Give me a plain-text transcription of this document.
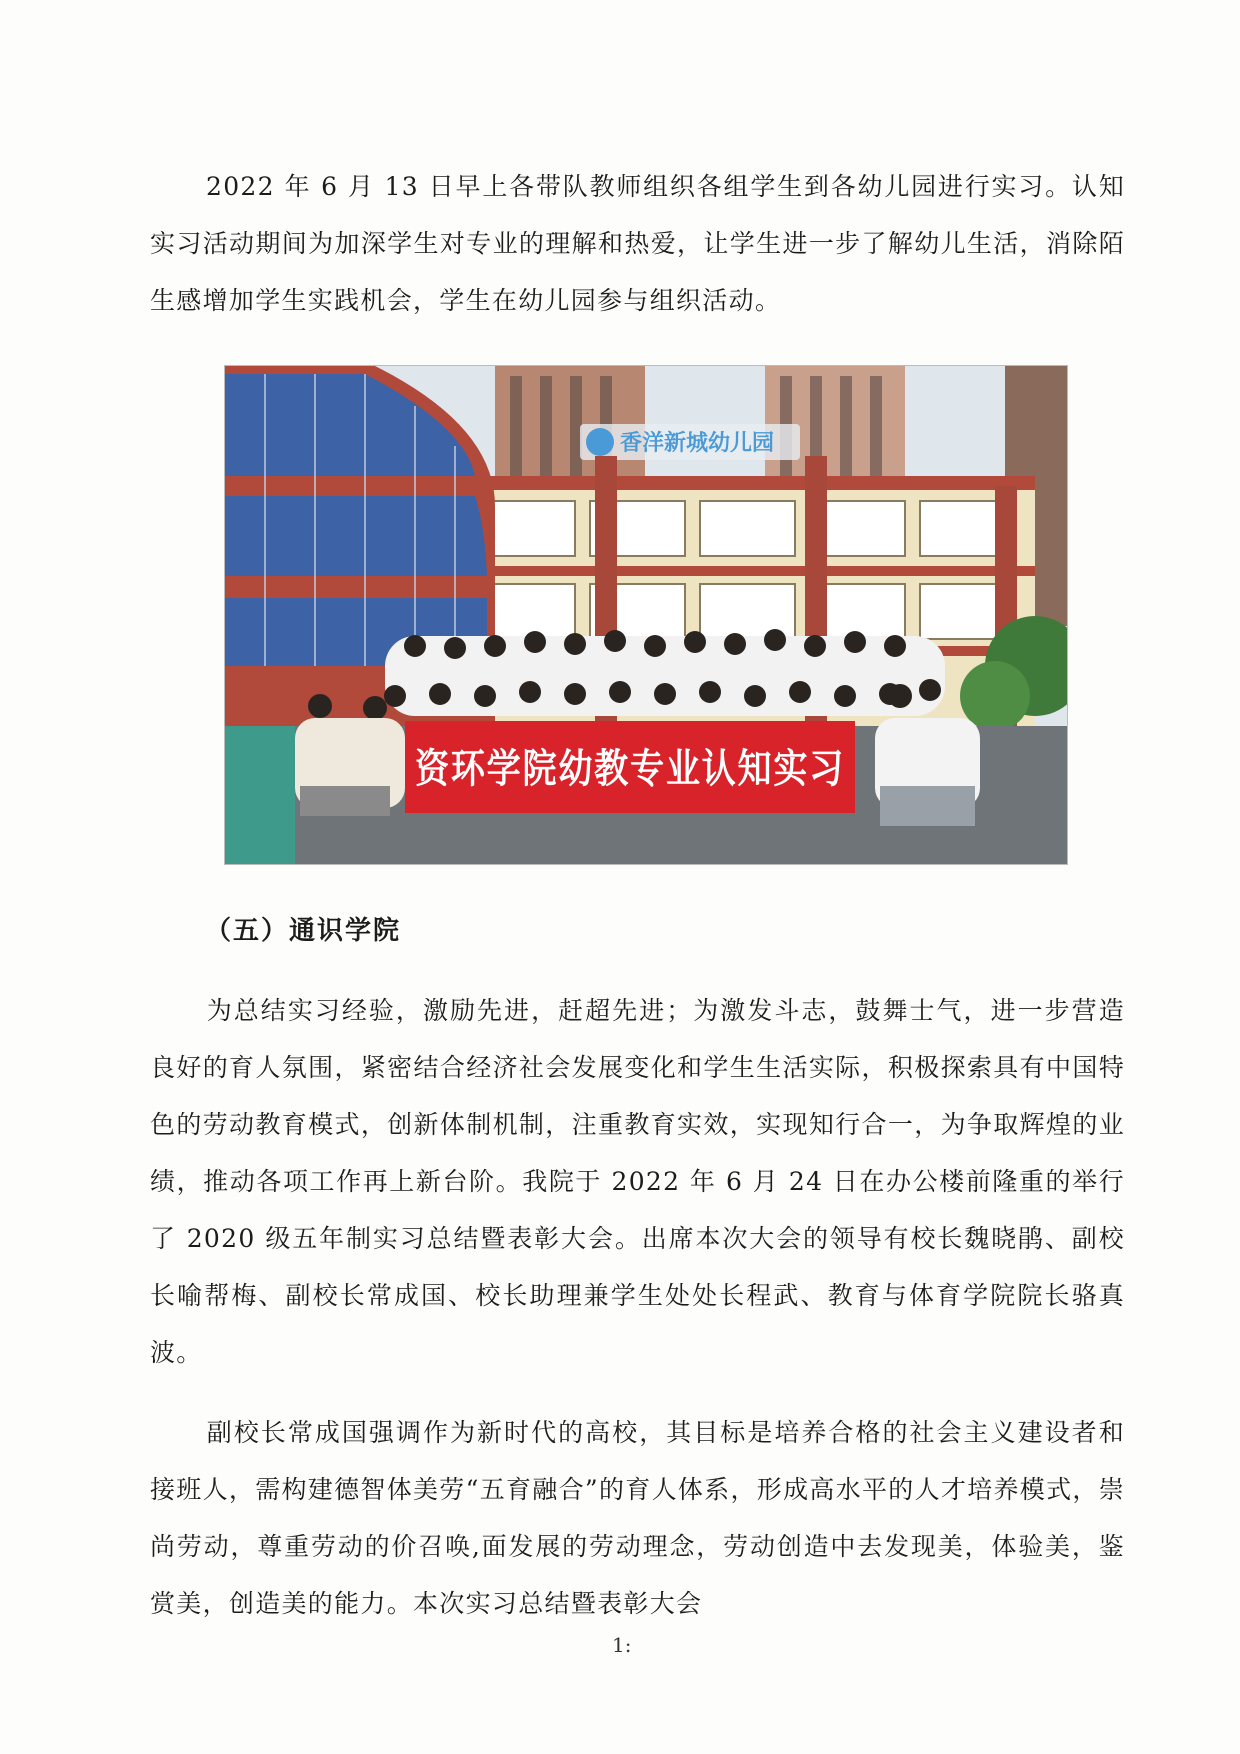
2022 年 6 月 13 日早上各带队教师组织各组学生到各幼儿园进行实习。认知实习活动期间为加深学生对专业的理解和热爱，让学生进一步了解幼儿生活，消除陌生感增加学生实践机会，学生在幼儿园参与组织活动。

香洋新城幼儿园
资环学院幼教专业认知实习
（五）通识学院

为总结实习经验，激励先进，赶超先进；为激发斗志，鼓舞士气，进一步营造良好的育人氛围，紧密结合经济社会发展变化和学生生活实际，积极探索具有中国特色的劳动教育模式，创新体制机制，注重教育实效，实现知行合一，为争取辉煌的业绩，推动各项工作再上新台阶。我院于 2022 年 6 月 24 日在办公楼前隆重的举行了 2020 级五年制实习总结暨表彰大会。出席本次大会的领导有校长魏晓鹃、副校长喻帮梅、副校长常成国、校长助理兼学生处处长程武、教育与体育学院院长骆真波。

副校长常成国强调作为新时代的高校，其目标是培养合格的社会主义建设者和接班人，需构建德智体美劳“五育融合”的育人体系，形成高水平的人才培养模式，崇尚劳动，尊重劳动的价召唤,面发展的劳动理念，劳动创造中去发现美，体验美，鉴赏美，创造美的能力。本次实习总结暨表彰大会

1:
